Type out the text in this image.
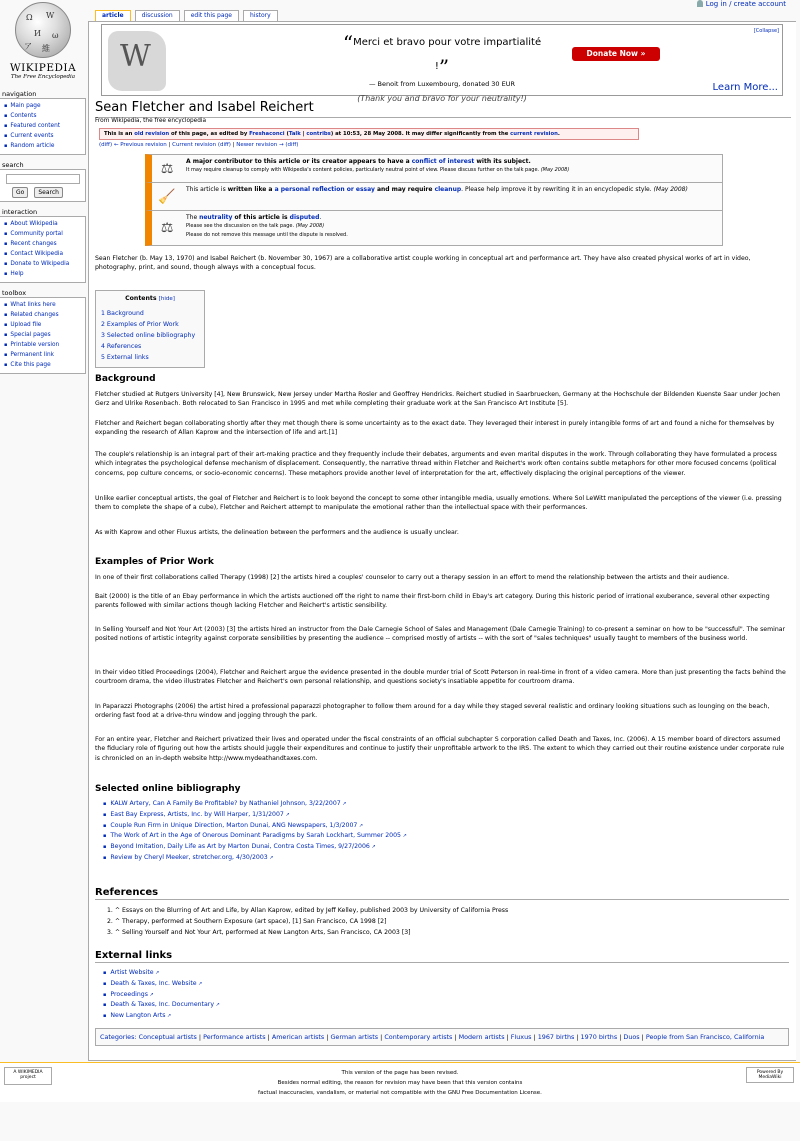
Log in / create account
article	discussion	edit this page	history
Ω W
И ω
ア 維
WIKIPEDIA
The Free Encyclopedia
navigation
▪ Main page
▪ Contents
▪ Featured content
▪ Current events
▪ Random article
search
Go Search
interaction
▪ About Wikipedia
▪ Community portal
▪ Recent changes
▪ Contact Wikipedia
▪ Donate to Wikipedia
▪ Help
toolbox
▪ What links here
▪ Related changes
▪ Upload file
▪ Special pages
▪ Printable version
▪ Permanent link
▪ Cite this page
W	“Merci et bravo pour votre impartialité !”
— Benoit from Luxembourg, donated 30 EUR
(Thank you and bravo for your neutrality!)
Donate Now »
[Collapse]
Learn More...
Sean Fletcher and Isabel Reichert
From Wikipedia, the free encyclopedia
This is an old revision of this page, as edited by Freshaconci (Talk | contribs) at 10:53, 28 May 2008. It may differ significantly from the current revision.
(diff) ← Previous revision | Current revision (diff) | Newer revision → (diff)
⚖	A major contributor to this article or its creator appears to have a conflict of interest with its subject.
It may require cleanup to comply with Wikipedia's content policies, particularly neutral point of view. Please discuss further on the talk page. (May 2008)
🧹	This article is written like a a personal reflection or essay and may require cleanup. Please help improve it by rewriting it in an encyclopedic style. (May 2008)
⚖
The neutrality of this article is disputed.
Please see the discussion on the talk page. (May 2008)
Please do not remove this message until the dispute is resolved.

Sean Fletcher (b. May 13, 1970) and Isabel Reichert (b. November 30, 1967) are a collaborative artist couple working in conceptual art and performance art. They have also created physical works of art in video, photography, print, and sound, though always with a conceptual focus.

Contents [hide]
1 Background
2 Examples of Prior Work
3 Selected online bibliography
4 References
5 External links
Background

Fletcher studied at Rutgers University [4], New Brunswick, New Jersey under Martha Rosler and Geoffrey Hendricks. Reichert studied in Saarbruecken, Germany at the Hochschule der Bildenden Kuenste Saar under Jochen Gerz and Ulrike Rosenbach. Both relocated to San Francisco in 1995 and met while completing their graduate work at the San Francisco Art Institute [5].

Fletcher and Reichert began collaborating shortly after they met though there is some uncertainty as to the exact date. They leveraged their interest in purely intangible forms of art and found a niche for themselves by expanding the research of Allan Kaprow and the intersection of life and art.[1]

The couple's relationship is an integral part of their art-making practice and they frequently include their debates, arguments and even marital disputes in the work. Through collaborating they have formulated a process which integrates the psychological defense mechanism of displacement. Consequently, the narrative thread within Fletcher and Reichert's work often contains subtle metaphors for other more focused concerns (political concerns, pop culture concerns, or socio-economic concerns). These metaphors provide another level of interpretation for the art, effectively displacing the original perceptions of the viewer.

Unlike earlier conceptual artists, the goal of Fletcher and Reichert is to look beyond the concept to some other intangible media, usually emotions. Where Sol LeWitt manipulated the perceptions of the viewer (i.e. pressing them to complete the shape of a cube), Fletcher and Reichert attempt to manipulate the emotional rather than the intellectual space with their performances.

As with Kaprow and other Fluxus artists, the delineation between the performers and the audience is usually unclear.

Examples of Prior Work

In one of their first collaborations called Therapy (1998) [2] the artists hired a couples' counselor to carry out a therapy session in an effort to mend the relationship between the artists and their audience.

Bait (2000) is the title of an Ebay performance in which the artists auctioned off the right to name their first-born child in Ebay's art category. During this historic period of irrational exuberance, several other expecting parents followed with similar actions though lacking Fletcher and Reichert's artistic sensibility.

In Selling Yourself and Not Your Art (2003) [3] the artists hired an instructor from the Dale Carnegie School of Sales and Management (Dale Carnegie Training) to co-present a seminar on how to be "successful". The seminar posited notions of artistic integrity against corporate sensibilities by presenting the audience -- comprised mostly of artists -- with the sort of "sales techniques" usually taught to members of the business world.

In their video titled Proceedings (2004), Fletcher and Reichert argue the evidence presented in the double murder trial of Scott Peterson in real-time in front of a video camera. More than just presenting the facts behind the courtroom drama, the video illustrates Fletcher and Reichert's own personal relationship, and questions society's insatiable appetite for courtroom drama.

In Paparazzi Photographs (2006) the artist hired a professional paparazzi photographer to follow them around for a day while they staged several realistic and ordinary looking situations such as lounging on the beach, ordering fast food at a drive-thru window and jogging through the park.

For an entire year, Fletcher and Reichert privatized their lives and operated under the fiscal constraints of an official subchapter S corporation called Death and Taxes, Inc. (2006). A 15 member board of directors assumed the fiduciary role of figuring out how the artists should juggle their expenditures and continue to justify their unprofitable artwork to the IRS. The extent to which they carried out their routine existence under corporate rule is chronicled on an in-depth website http://www.mydeathandtaxes.com.

Selected online bibliography
▪ KALW Artery, Can A Family Be Profitable? by Nathaniel Johnson, 3/22/2007 ↗
▪ East Bay Express, Artists, Inc. by Will Harper, 1/31/2007 ↗
▪ Couple Run Firm in Unique Direction, Marton Dunai, ANG Newspapers, 1/3/2007 ↗
▪ The Work of Art in the Age of Onerous Dominant Paradigms by Sarah Lockhart, Summer 2005 ↗
▪ Beyond Imitation, Daily Life as Art by Marton Dunai, Contra Costa Times, 9/27/2006 ↗
▪ Review by Cheryl Meeker, stretcher.org, 4/30/2003 ↗
References
1. ^ Essays on the Blurring of Art and Life, by Allan Kaprow, edited by Jeff Kelley, published 2003 by University of California Press
2. ^ Therapy, performed at Southern Exposure (art space), [1] San Francisco, CA 1998 [2]
3. ^ Selling Yourself and Not Your Art, performed at New Langton Arts, San Francisco, CA 2003 [3]
External links
▪ Artist Website ↗
▪ Death & Taxes, Inc. Website ↗
▪ Proceedings ↗
▪ Death & Taxes, Inc. Documentary ↗
▪ New Langton Arts ↗
Categories: Conceptual artists | Performance artists | American artists | German artists | Contemporary artists | Modern artists | Fluxus | 1967 births | 1970 births | Duos | People from San Francisco, California
A WIKIMEDIA project
This version of the page has been revised.
Besides normal editing, the reason for revision may have been that this version contains
factual inaccuracies, vandalism, or material not compatible with the GNU Free Documentation License.
Powered By MediaWiki
